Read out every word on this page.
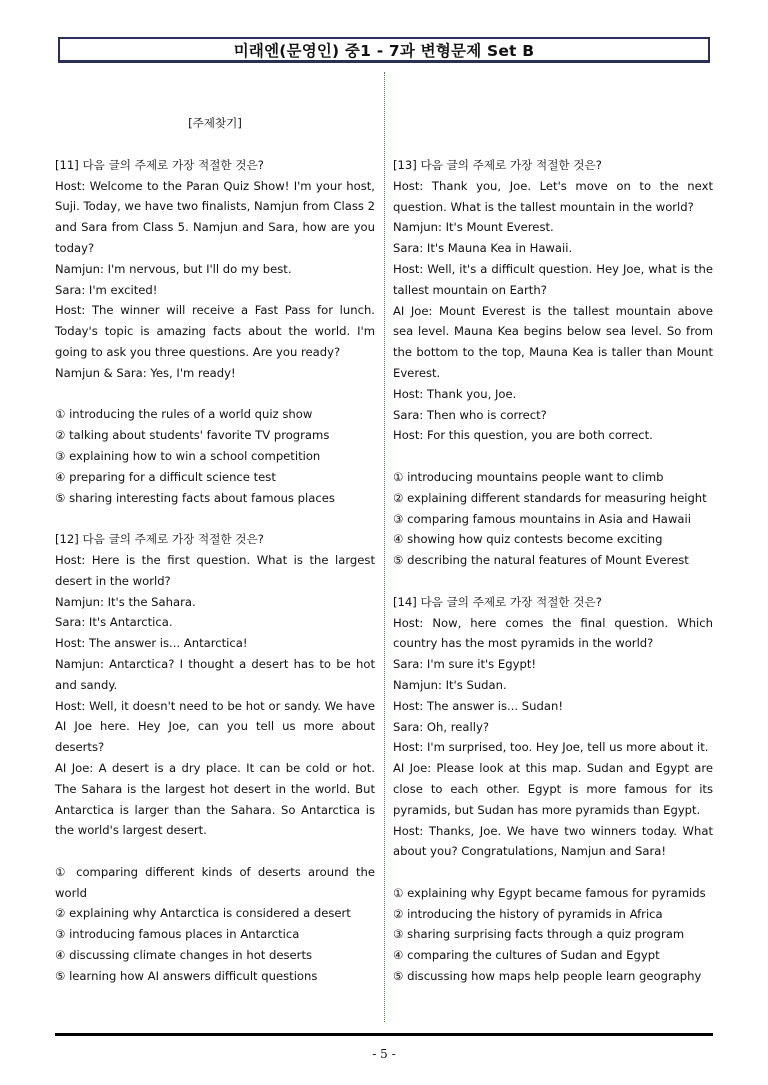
미래엔(문영인) 중1 - 7과 변형문제 Set B
[주제찾기]

[11] 다음 글의 주제로 가장 적절한 것은?

Host: Welcome to the Paran Quiz Show! I'm your host, Suji. Today, we have two finalists, Namjun from Class 2 and Sara from Class 5. Namjun and Sara, how are you today?

Namjun: I'm nervous, but I'll do my best.

Sara: I'm excited!

Host: The winner will receive a Fast Pass for lunch. Today's topic is amazing facts about the world. I'm going to ask you three questions. Are you ready?

Namjun & Sara: Yes, I'm ready!

① introducing the rules of a world quiz show

② talking about students' favorite TV programs

③ explaining how to win a school competition

④ preparing for a difficult science test

⑤ sharing interesting facts about famous places

[12] 다음 글의 주제로 가장 적절한 것은?

Host: Here is the first question. What is the largest desert in the world?

Namjun: It's the Sahara.

Sara: It's Antarctica.

Host: The answer is... Antarctica!

Namjun: Antarctica? I thought a desert has to be hot and sandy.

Host: Well, it doesn't need to be hot or sandy. We have AI Joe here. Hey Joe, can you tell us more about deserts?

AI Joe: A desert is a dry place. It can be cold or hot. The Sahara is the largest hot desert in the world. But Antarctica is larger than the Sahara. So Antarctica is the world's largest desert.

① comparing different kinds of deserts around the world

② explaining why Antarctica is considered a desert

③ introducing famous places in Antarctica

④ discussing climate changes in hot deserts

⑤ learning how AI answers difficult questions

[13] 다음 글의 주제로 가장 적절한 것은?

Host: Thank you, Joe. Let's move on to the next question. What is the tallest mountain in the world?

Namjun: It's Mount Everest.

Sara: It's Mauna Kea in Hawaii.

Host: Well, it's a difficult question. Hey Joe, what is the tallest mountain on Earth?

AI Joe: Mount Everest is the tallest mountain above sea level. Mauna Kea begins below sea level. So from the bottom to the top, Mauna Kea is taller than Mount Everest.

Host: Thank you, Joe.

Sara: Then who is correct?

Host: For this question, you are both correct.

① introducing mountains people want to climb

② explaining different standards for measuring height

③ comparing famous mountains in Asia and Hawaii

④ showing how quiz contests become exciting

⑤ describing the natural features of Mount Everest

[14] 다음 글의 주제로 가장 적절한 것은?

Host: Now, here comes the final question. Which country has the most pyramids in the world?

Sara: I'm sure it's Egypt!

Namjun: It's Sudan.

Host: The answer is... Sudan!

Sara: Oh, really?

Host: I'm surprised, too. Hey Joe, tell us more about it.

AI Joe: Please look at this map. Sudan and Egypt are close to each other. Egypt is more famous for its pyramids, but Sudan has more pyramids than Egypt.

Host: Thanks, Joe. We have two winners today. What about you? Congratulations, Namjun and Sara!

① explaining why Egypt became famous for pyramids

② introducing the history of pyramids in Africa

③ sharing surprising facts through a quiz program

④ comparing the cultures of Sudan and Egypt

⑤ discussing how maps help people learn geography

- 5 -
